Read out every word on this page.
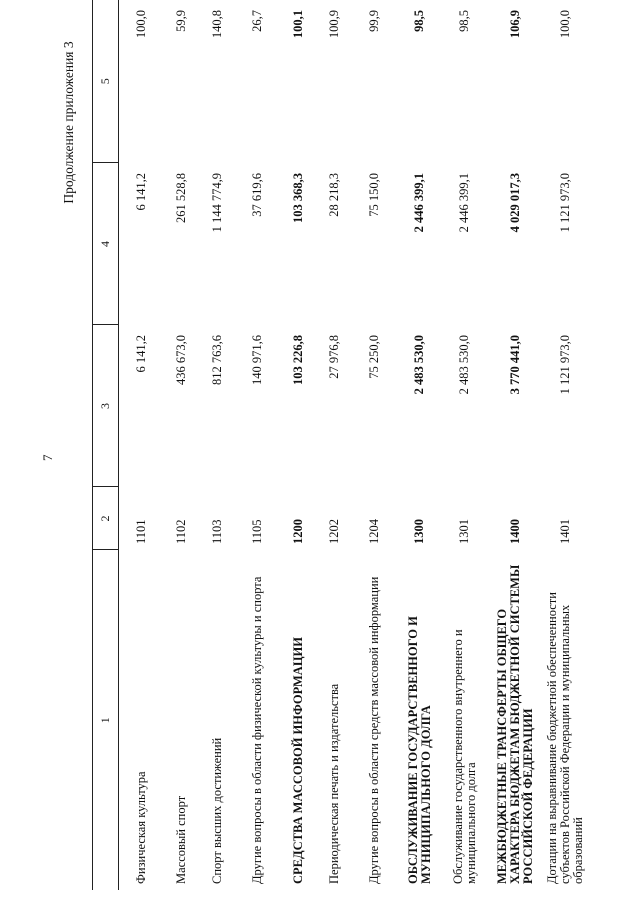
7
Продолжение приложения 3
1	2	3	4	5
Физическая культура	1101	6 141,2	6 141,2	100,0
Массовый спорт	1102	436 673,0	261 528,8	59,9
Спорт высших достижений	1103	812 763,6	1 144 774,9	140,8
Другие вопросы в области физической культуры и спорта	1105	140 971,6	37 619,6	26,7
СРЕДСТВА МАССОВОЙ ИНФОРМАЦИИ	1200	103 226,8	103 368,3	100,1
Периодическая печать и издательства	1202	27 976,8	28 218,3	100,9
Другие вопросы в области средств массовой информации	1204	75 250,0	75 150,0	99,9
ОБСЛУЖИВАНИЕ ГОСУДАРСТВЕННОГО И МУНИЦИПАЛЬНОГО ДОЛГА	1300	2 483 530,0	2 446 399,1	98,5
Обслуживание государственного внутреннего и муниципального долга	1301	2 483 530,0	2 446 399,1	98,5
МЕЖБЮДЖЕТНЫЕ ТРАНСФЕРТЫ ОБЩЕГО ХАРАКТЕРА БЮДЖЕТАМ БЮДЖЕТНОЙ СИСТЕМЫ РОССИЙСКОЙ ФЕДЕРАЦИИ	1400	3 770 441,0	4 029 017,3	106,9
Дотации на выравнивание бюджетной обеспеченности субъектов Российской Федерации и муниципальных образований	1401	1 121 973,0	1 121 973,0	100,0
